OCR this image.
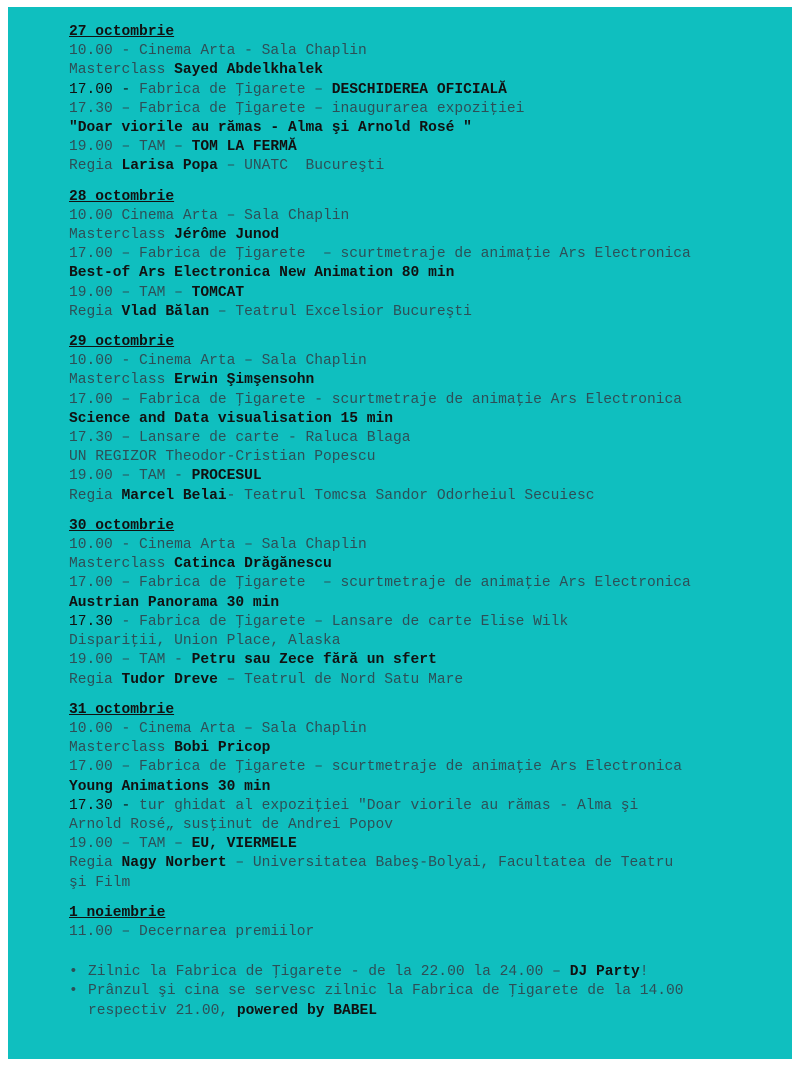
27 octombrie
10.00 - Cinema Arta - Sala Chaplin
Masterclass Sayed Abdelkhalek
17.00 - Fabrica de Ţigarete – DESCHIDEREA OFICIALĂ
17.30 – Fabrica de Ţigarete – inaugurarea expoziţiei
"Doar viorile au rămas - Alma şi Arnold Rosé "
19.00 – TAM – TOM LA FERMĂ
Regia Larisa Popa – UNATC  Bucureşti
28 octombrie
10.00 Cinema Arta – Sala Chaplin
Masterclass Jérôme Junod
17.00 – Fabrica de Ţigarete  – scurtmetraje de animaţie Ars Electronica
Best-of Ars Electronica New Animation 80 min
19.00 – TAM – TOMCAT
Regia Vlad Bălan – Teatrul Excelsior Bucureşti
29 octombrie
10.00 - Cinema Arta – Sala Chaplin
Masterclass Erwin Şimşensohn
17.00 – Fabrica de Ţigarete - scurtmetraje de animaţie Ars Electronica
Science and Data visualisation 15 min
17.30 – Lansare de carte - Raluca Blaga
UN REGIZOR Theodor-Cristian Popescu
19.00 – TAM - PROCESUL
Regia Marcel Belai- Teatrul Tomcsa Sandor Odorheiul Secuiesc
30 octombrie
10.00 - Cinema Arta – Sala Chaplin
Masterclass Catinca Drăgănescu
17.00 – Fabrica de Ţigarete  – scurtmetraje de animaţie Ars Electronica
Austrian Panorama 30 min
17.30 - Fabrica de Ţigarete – Lansare de carte Elise Wilk
Dispariţii, Union Place, Alaska
19.00 – TAM - Petru sau Zece fără un sfert
Regia Tudor Dreve – Teatrul de Nord Satu Mare
31 octombrie
10.00 - Cinema Arta – Sala Chaplin
Masterclass Bobi Pricop
17.00 – Fabrica de Ţigarete – scurtmetraje de animaţie Ars Electronica
Young Animations 30 min
17.30 - tur ghidat al expoziţiei "Doar viorile au rămas - Alma şi
Arnold Rosé„ susţinut de Andrei Popov
19.00 – TAM – EU, VIERMELE
Regia Nagy Norbert – Universitatea Babeş-Bolyai, Facultatea de Teatru
şi Film
1 noiembrie
11.00 – Decernarea premiilor
• Zilnic la Fabrica de Ţigarete - de la 22.00 la 24.00 – DJ Party!
• Prânzul şi cina se servesc zilnic la Fabrica de Ţigarete de la 14.00 respectiv 21.00, powered by BABEL
